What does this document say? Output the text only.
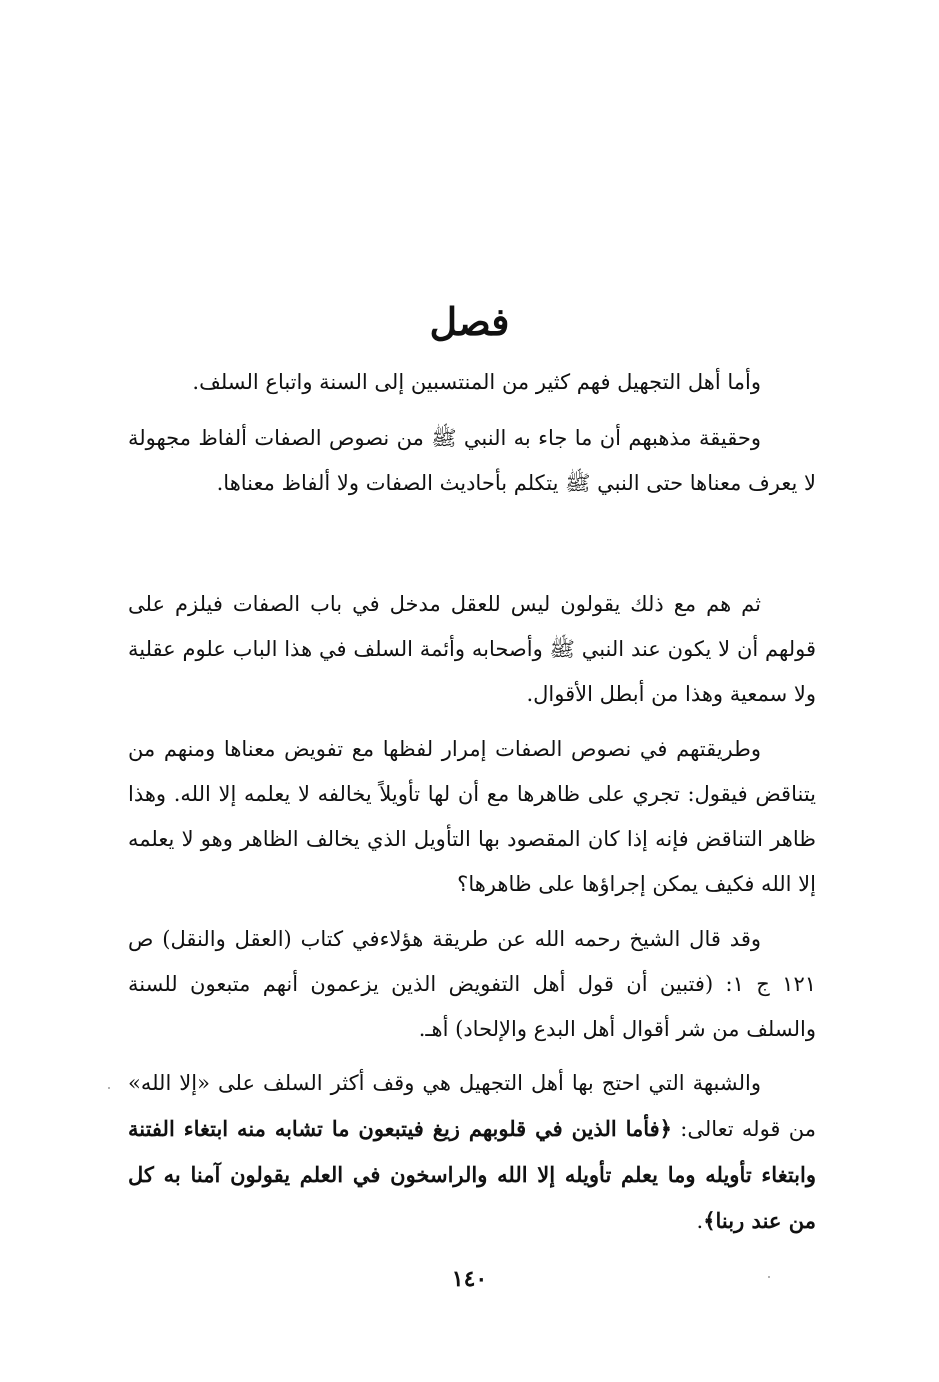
فصل

وأما أهل التجهيل فهم كثير من المنتسبين إلى السنة واتباع السلف.

وحقيقة مذهبهم أن ما جاء به النبي ﷺ من نصوص الصفات ألفاظ مجهولة لا يعرف معناها حتى النبي ﷺ يتكلم بأحاديث الصفات ولا ألفاظ معناها.

ثم هم مع ذلك يقولون ليس للعقل مدخل في باب الصفات فيلزم على قولهم أن لا يكون عند النبي ﷺ وأصحابه وأئمة السلف في هذا الباب علوم عقلية ولا سمعية وهذا من أبطل الأقوال.

وطريقتهم في نصوص الصفات إمرار لفظها مع تفويض معناها ومنهم من يتناقض فيقول: تجري على ظاهرها مع أن لها تأويلاً يخالفه لا يعلمه إلا الله. وهذا ظاهر التناقض فإنه إذا كان المقصود بها التأويل الذي يخالف الظاهر وهو لا يعلمه إلا الله فكيف يمكن إجراؤها على ظاهرها؟

وقد قال الشيخ رحمه الله عن طريقة هؤلاءفي كتاب (العقل والنقل) ص ١٢١ ج ١: (فتبين أن قول أهل التفويض الذين يزعمون أنهم متبعون للسنة والسلف من شر أقوال أهل البدع والإلحاد) أهـ.

والشبهة التي احتج بها أهل التجهيل هي وقف أكثر السلف على «إلا الله» من قوله تعالى: ﴿فأما الذين في قلوبهم زيغ فيتبعون ما تشابه منه ابتغاء الفتنة وابتغاء تأويله وما يعلم تأويله إلا الله والراسخون في العلم يقولون آمنا به كل من عند ربنا﴾.

١٤٠
